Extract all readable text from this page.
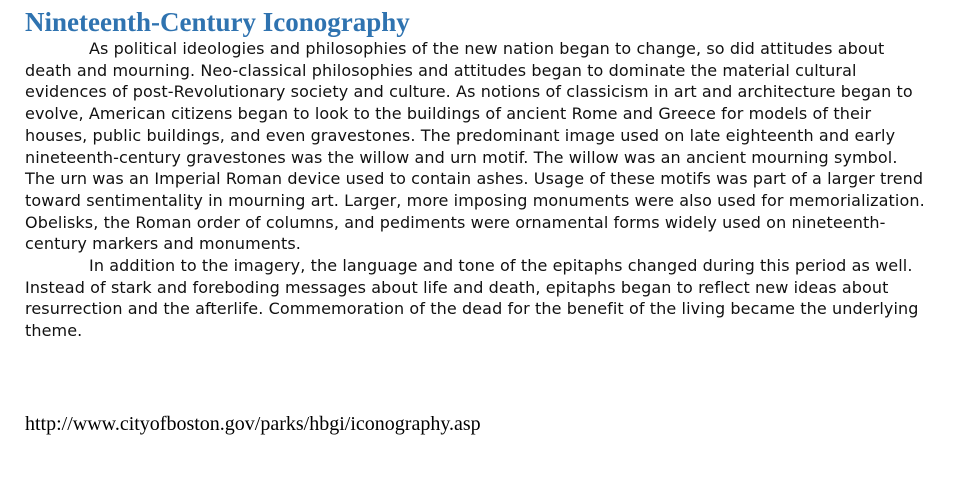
Nineteenth-Century Iconography

As political ideologies and philosophies of the new nation began to change, so did attitudes about death and mourning. Neo-classical philosophies and attitudes began to dominate the material cultural evidences of post-Revolutionary society and culture. As notions of classicism in art and architecture began to evolve, American citizens began to look to the buildings of ancient Rome and Greece for models of their houses, public buildings, and even gravestones. The predominant image used on late eighteenth and early nineteenth-century gravestones was the willow and urn motif. The willow was an ancient mourning symbol. The urn was an Imperial Roman device used to contain ashes. Usage of these motifs was part of a larger trend toward sentimentality in mourning art. Larger, more imposing monuments were also used for memorialization. Obelisks, the Roman order of columns, and pediments were ornamental forms widely used on nineteenth-century markers and monuments.

In addition to the imagery, the language and tone of the epitaphs changed during this period as well. Instead of stark and foreboding messages about life and death, epitaphs began to reflect new ideas about resurrection and the afterlife. Commemoration of the dead for the benefit of the living became the underlying theme.

http://www.cityofboston.gov/parks/hbgi/iconography.asp
